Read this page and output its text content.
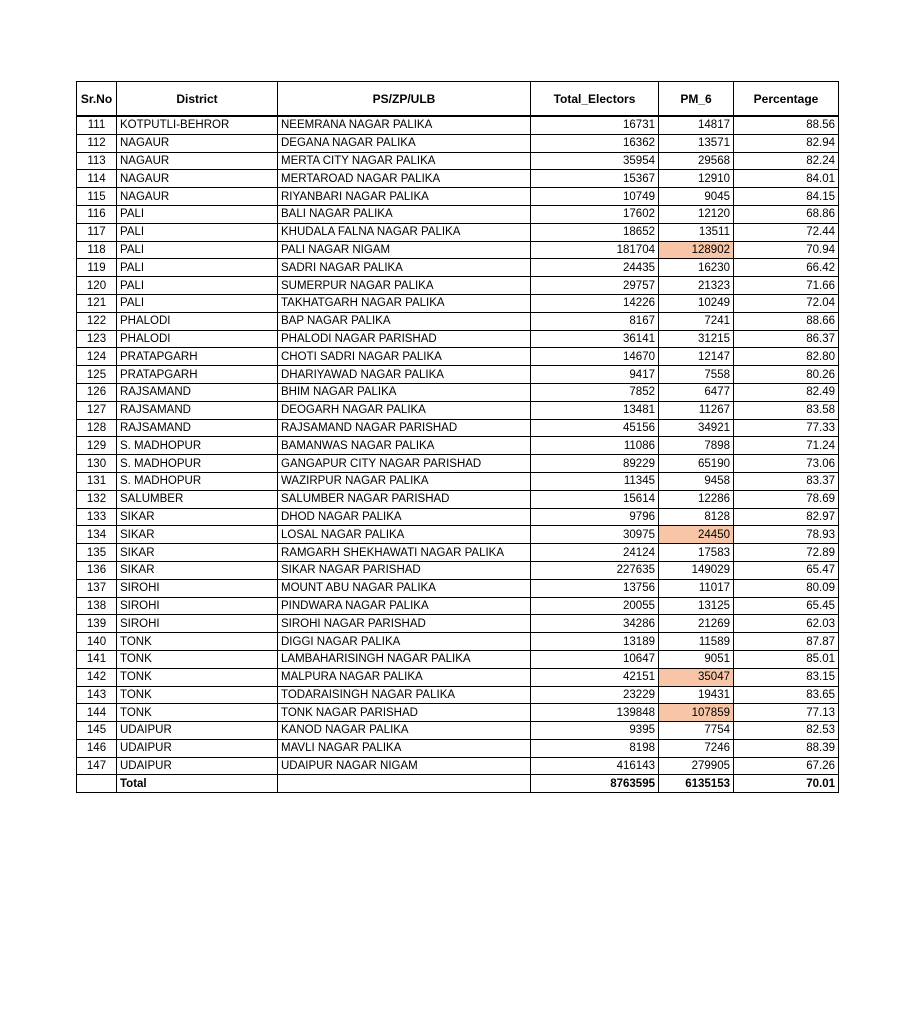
Sr.No	District	PS/ZP/ULB	Total_Electors	PM_6	Percentage
111	KOTPUTLI-BEHROR	NEEMRANA NAGAR PALIKA	16731	14817	88.56
112	NAGAUR	DEGANA NAGAR PALIKA	16362	13571	82.94
113	NAGAUR	MERTA CITY NAGAR PALIKA	35954	29568	82.24
114	NAGAUR	MERTAROAD NAGAR PALIKA	15367	12910	84.01
115	NAGAUR	RIYANBARI NAGAR PALIKA	10749	9045	84.15
116	PALI	BALI NAGAR PALIKA	17602	12120	68.86
117	PALI	KHUDALA FALNA NAGAR PALIKA	18652	13511	72.44
118	PALI	PALI NAGAR NIGAM	181704	128902	70.94
119	PALI	SADRI NAGAR PALIKA	24435	16230	66.42
120	PALI	SUMERPUR NAGAR PALIKA	29757	21323	71.66
121	PALI	TAKHATGARH NAGAR PALIKA	14226	10249	72.04
122	PHALODI	BAP NAGAR PALIKA	8167	7241	88.66
123	PHALODI	PHALODI NAGAR PARISHAD	36141	31215	86.37
124	PRATAPGARH	CHOTI SADRI NAGAR PALIKA	14670	12147	82.80
125	PRATAPGARH	DHARIYAWAD NAGAR PALIKA	9417	7558	80.26
126	RAJSAMAND	BHIM NAGAR PALIKA	7852	6477	82.49
127	RAJSAMAND	DEOGARH NAGAR PALIKA	13481	11267	83.58
128	RAJSAMAND	RAJSAMAND NAGAR PARISHAD	45156	34921	77.33
129	S. MADHOPUR	BAMANWAS NAGAR PALIKA	11086	7898	71.24
130	S. MADHOPUR	GANGAPUR CITY NAGAR PARISHAD	89229	65190	73.06
131	S. MADHOPUR	WAZIRPUR NAGAR PALIKA	11345	9458	83.37
132	SALUMBER	SALUMBER NAGAR PARISHAD	15614	12286	78.69
133	SIKAR	DHOD NAGAR PALIKA	9796	8128	82.97
134	SIKAR	LOSAL NAGAR PALIKA	30975	24450	78.93
135	SIKAR	RAMGARH SHEKHAWATI NAGAR PALIKA	24124	17583	72.89
136	SIKAR	SIKAR NAGAR PARISHAD	227635	149029	65.47
137	SIROHI	MOUNT ABU NAGAR PALIKA	13756	11017	80.09
138	SIROHI	PINDWARA NAGAR PALIKA	20055	13125	65.45
139	SIROHI	SIROHI NAGAR PARISHAD	34286	21269	62.03
140	TONK	DIGGI NAGAR PALIKA	13189	11589	87.87
141	TONK	LAMBAHARISINGH NAGAR PALIKA	10647	9051	85.01
142	TONK	MALPURA NAGAR PALIKA	42151	35047	83.15
143	TONK	TODARAISINGH NAGAR PALIKA	23229	19431	83.65
144	TONK	TONK NAGAR PARISHAD	139848	107859	77.13
145	UDAIPUR	KANOD NAGAR PALIKA	9395	7754	82.53
146	UDAIPUR	MAVLI NAGAR PALIKA	8198	7246	88.39
147	UDAIPUR	UDAIPUR NAGAR NIGAM	416143	279905	67.26
	Total		8763595	6135153	70.01
